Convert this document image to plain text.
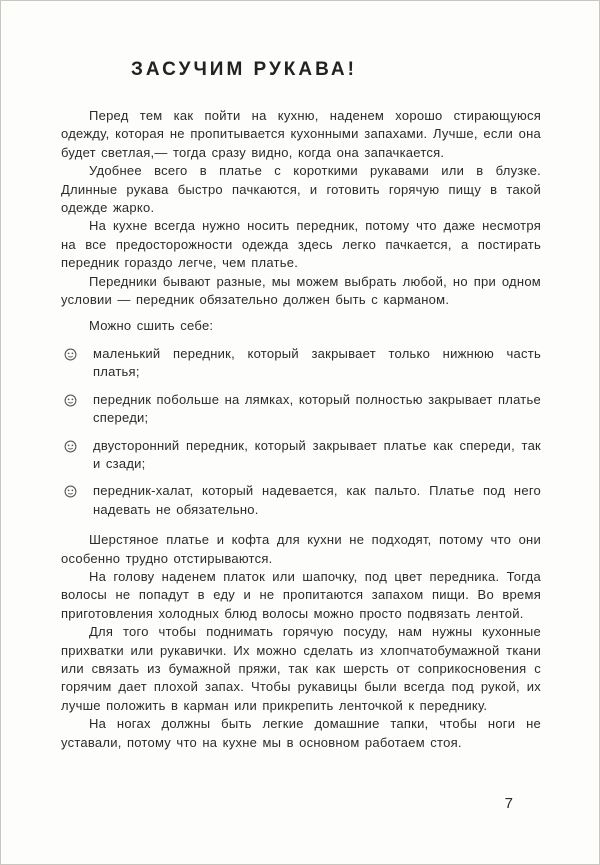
ЗАСУЧИМ РУКАВА!

Перед тем как пойти на кухню, наденем хорошо стирающуюся одежду, которая не пропитывается кухонными запахами. Лучше, если она будет светлая,— тогда сразу видно, когда она запачкается.

Удобнее всего в платье с короткими рукавами или в блузке. Длинные рукава быстро пачкаются, и готовить горячую пищу в такой одежде жарко.

На кухне всегда нужно носить передник, потому что даже несмотря на все предосторожности одежда здесь легко пачкается, а постирать передник гораздо легче, чем платье.

Передники бывают разные, мы можем выбрать любой, но при одном условии — передник обязательно должен быть с карманом.

Можно сшить себе:

маленький передник, который закрывает только нижнюю часть платья;
передник побольше на лямках, который полностью закрывает платье спереди;
двусторонний передник, который закрывает платье как спереди, так и сзади;
передник-халат, который надевается, как пальто. Платье под него надевать не обязательно.

Шерстяное платье и кофта для кухни не подходят, потому что они особенно трудно отстирываются.

На голову наденем платок или шапочку, под цвет передника. Тогда волосы не попадут в еду и не пропитаются запахом пищи. Во время приготовления холодных блюд волосы можно просто подвязать лентой.

Для того чтобы поднимать горячую посуду, нам нужны кухонные прихватки или рукавички. Их можно сделать из хлопчатобумажной ткани или связать из бумажной пряжи, так как шерсть от соприкосновения с горячим дает плохой запах. Чтобы рукавицы были всегда под рукой, их лучше положить в карман или прикрепить ленточкой к переднику.

На ногах должны быть легкие домашние тапки, чтобы ноги не уставали, потому что на кухне мы в основном работаем стоя.

7
